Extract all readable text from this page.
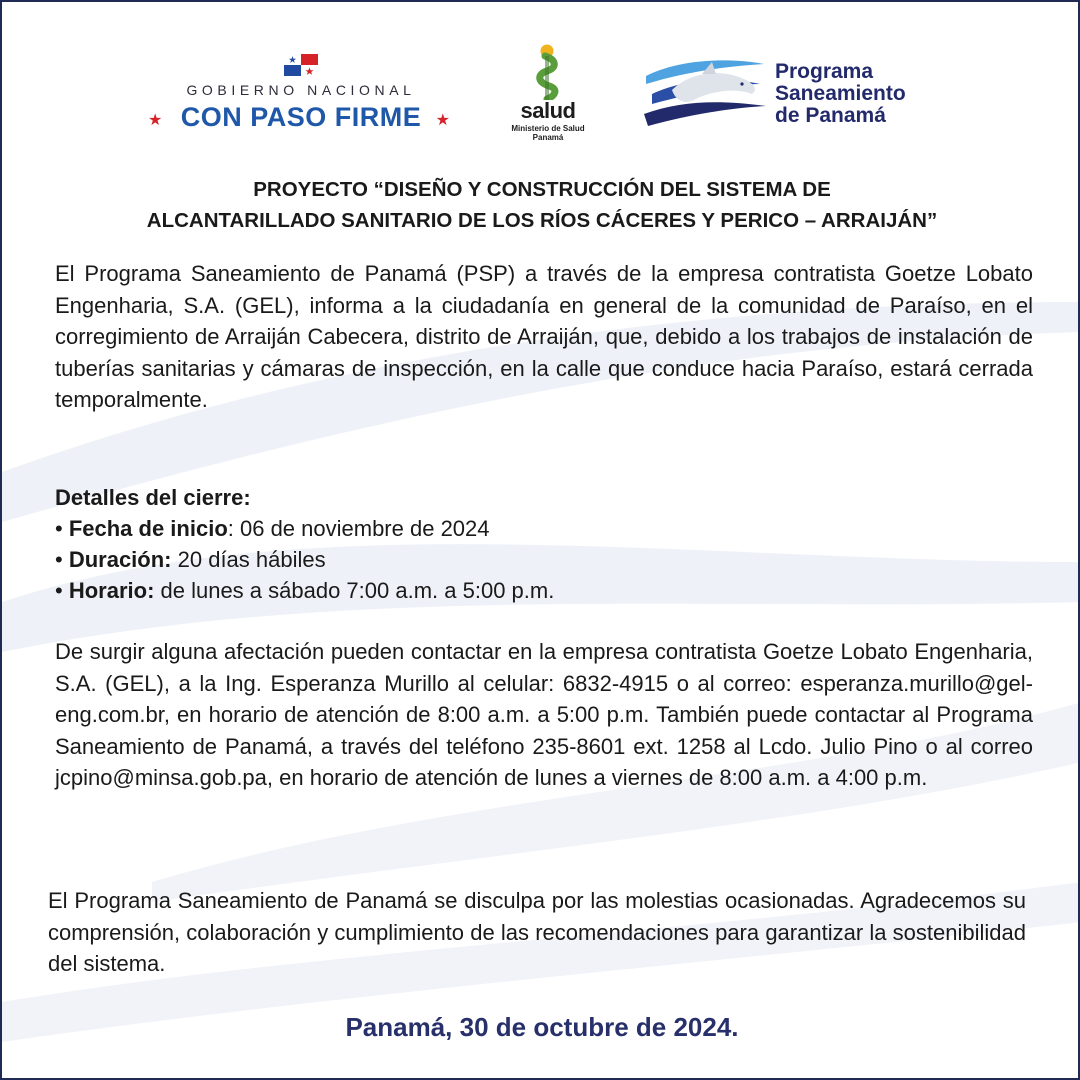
GOBIERNO NACIONAL
★ CON PASO FIRME ★	salud
Ministerio de Salud
Panamá
Programa
Saneamiento
de Panamá
PROYECTO “DISEÑO Y CONSTRUCCIÓN DEL SISTEMA DE
ALCANTARILLADO SANITARIO DE LOS RÍOS CÁCERES Y PERICO – ARRAIJÁN”
El Programa Saneamiento de Panamá (PSP) a través de la empresa contratista Goetze Lobato Engenharia, S.A. (GEL), informa a la ciudadanía en general de la comunidad de Paraíso, en el corregimiento de Arraiján Cabecera, distrito de Arraiján, que, debido a los trabajos de instalación de tuberías sanitarias y cámaras de inspección, en la calle que conduce hacia Paraíso, estará cerrada temporalmente.
Detalles del cierre:
• Fecha de inicio: 06 de noviembre de 2024
• Duración: 20 días hábiles
• Horario: de lunes a sábado 7:00 a.m. a 5:00 p.m.
De surgir alguna afectación pueden contactar en la empresa contratista Goetze Lobato Engenharia, S.A. (GEL), a la Ing. Esperanza Murillo al celular: 6832-4915 o al correo: esperanza.murillo@gel-eng.com.br, en horario de atención de 8:00 a.m. a 5:00 p.m. También puede contactar al Programa Saneamiento de Panamá, a través del teléfono 235-8601 ext. 1258 al Lcdo. Julio Pino o al correo jcpino@minsa.gob.pa, en horario de atención de lunes a viernes de 8:00 a.m. a 4:00 p.m.
El Programa Saneamiento de Panamá se disculpa por las molestias ocasionadas. Agradecemos su comprensión, colaboración y cumplimiento de las recomendaciones para garantizar la sostenibilidad del sistema.
Panamá, 30 de octubre de 2024.
